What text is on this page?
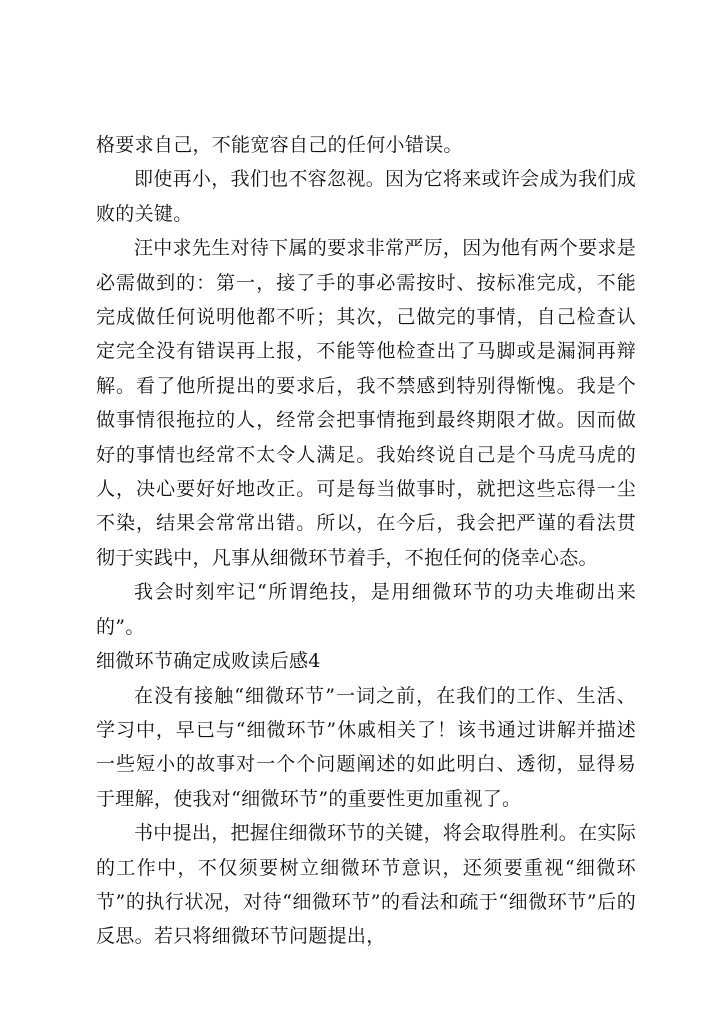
格要求自己，不能宽容自己的任何小错误。

即使再小，我们也不容忽视。因为它将来或许会成为我们成败的关键。

汪中求先生对待下属的要求非常严厉，因为他有两个要求是必需做到的：第一，接了手的事必需按时、按标准完成，不能完成做任何说明他都不听；其次，己做完的事情，自己检查认定完全没有错误再上报，不能等他检查出了马脚或是漏洞再辩解。看了他所提出的要求后，我不禁感到特别得惭愧。我是个做事情很拖拉的人，经常会把事情拖到最终期限才做。因而做好的事情也经常不太令人满足。我始终说自己是个马虎马虎的人，决心要好好地改正。可是每当做事时，就把这些忘得一尘不染，结果会常常出错。所以，在今后，我会把严谨的看法贯彻于实践中，凡事从细微环节着手，不抱任何的侥幸心态。

我会时刻牢记“所谓绝技，是用细微环节的功夫堆砌出来的”。

细微环节确定成败读后感4

在没有接触“细微环节”一词之前，在我们的工作、生活、学习中，早已与“细微环节”休戚相关了！该书通过讲解并描述一些短小的故事对一个个问题阐述的如此明白、透彻，显得易于理解，使我对“细微环节”的重要性更加重视了。

书中提出，把握住细微环节的关键，将会取得胜利。在实际的工作中，不仅须要树立细微环节意识，还须要重视“细微环节”的执行状况，对待“细微环节”的看法和疏于“细微环节”后的反思。若只将细微环节问题提出，
